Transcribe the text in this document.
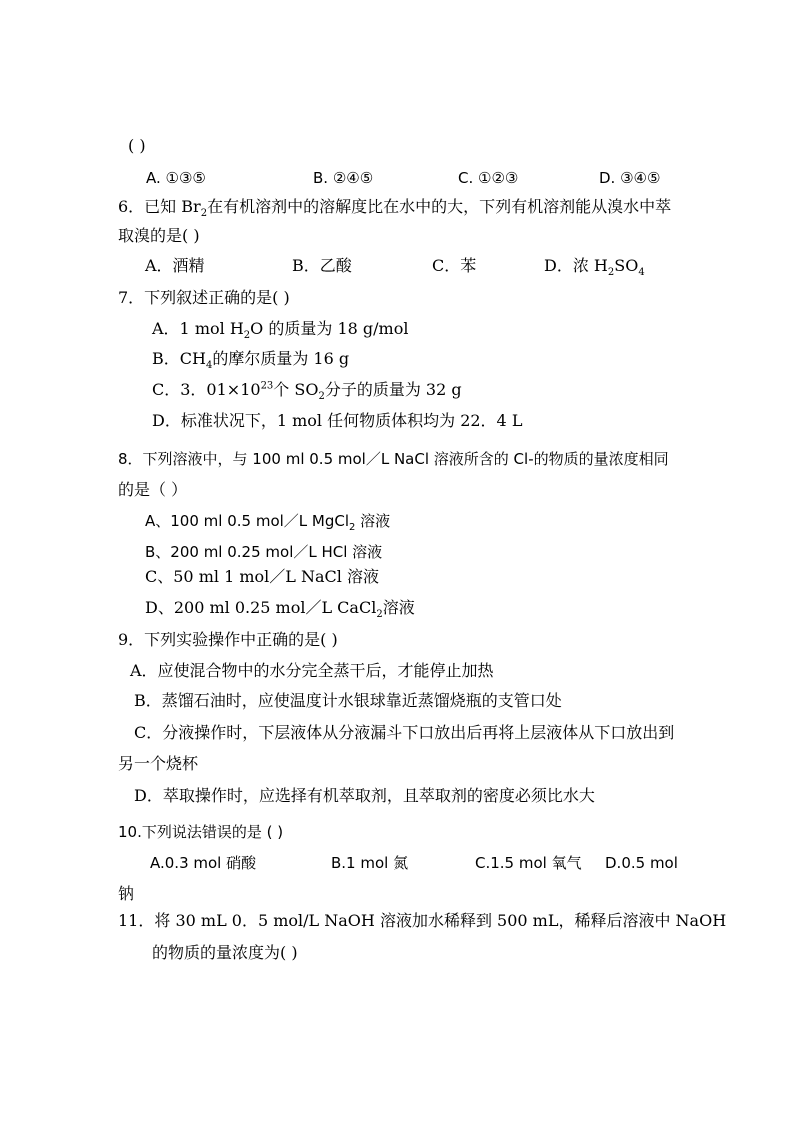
( )
A. ①③⑤	B. ②④⑤	C. ①②③	D. ③④⑤
6．已知 $Br_2$在有机溶剂中的溶解度比在水中的大，下列有机溶剂能从溴水中萃
取溴的是( )
A．酒精	B．乙酸	C．苯	D．浓 $H_2SO_4$
7．下列叙述正确的是( )
A．1 mol $H_2O$ 的质量为 18 g/mol
B．$CH_4$的摩尔质量为 16 g
C．3．$01\times 10^{23}$个 $SO_2$分子的质量为 32 g
D．标准状况下，1 mol 任何物质体积均为 22．4 L
8．下列溶液中，与 100 ml 0.5 mol／L NaCl 溶液所含的 Cl-的物质的量浓度相同
的是（ ）
A、100 ml 0.5 mol／L MgCl$_2$ 溶液
B、200 ml 0.25 mol／L HCl 溶液
C、50 ml 1 mol／L NaCl 溶液
D、200 ml 0.25 mol／L CaCl$_2$溶液
9．下列实验操作中正确的是( )
A．应使混合物中的水分完全蒸干后，才能停止加热
B．蒸馏石油时，应使温度计水银球靠近蒸馏烧瓶的支管口处
C．分液操作时，下层液体从分液漏斗下口放出后再将上层液体从下口放出到
另一个烧杯
D．萃取操作时，应选择有机萃取剂，且萃取剂的密度必须比水大
10.下列说法错误的是 ( )
A.0.3 mol 硝酸	B.1 mol 氮	C.1.5 mol 氧气 D.0.5 mol
钠
11．将 30 mL 0．5 mol/L NaOH 溶液加水稀释到 500 mL，稀释后溶液中 NaOH
的物质的量浓度为( )
